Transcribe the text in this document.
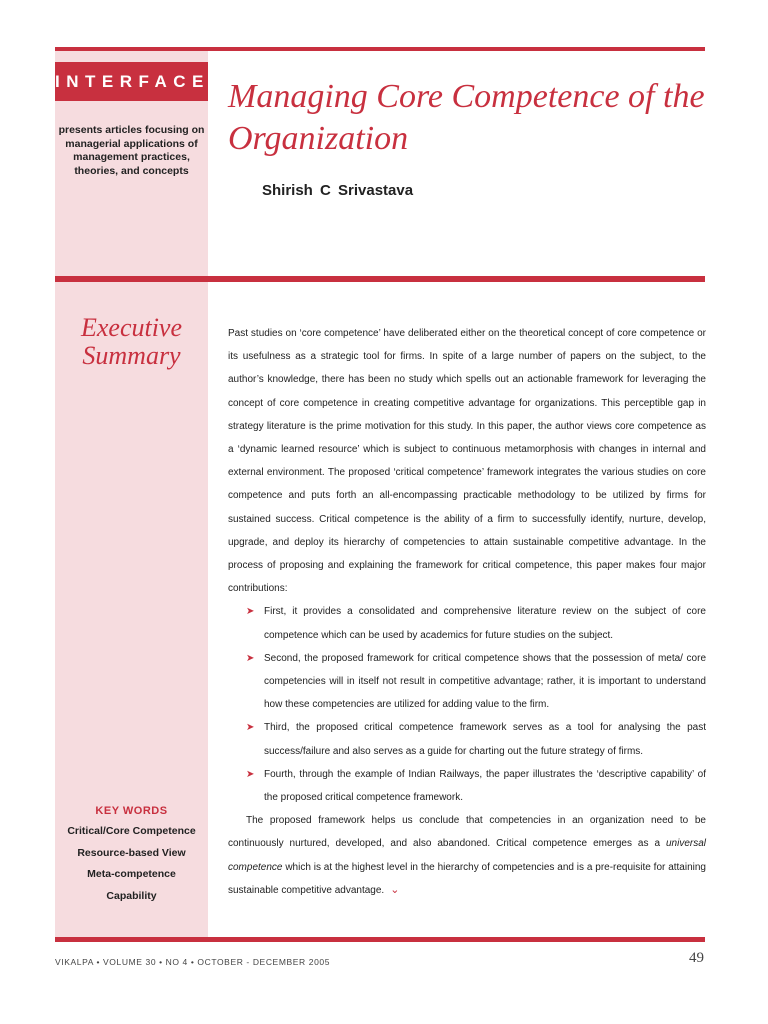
INTERFACES
presents articles focusing on managerial applications of management practices, theories, and concepts
Managing Core Competence of the Organization
Shirish C Srivastava
Executive
Summary
KEY WORDS
Critical/Core Competence
Resource-based View
Meta-competence
Capability

Past studies on ‘core competence’ have deliberated either on the theoretical concept of core competence or its usefulness as a strategic tool for firms. In spite of a large number of papers on the subject, to the author’s knowledge, there has been no study which spells out an actionable framework for leveraging the concept of core competence in creating competitive advantage for organizations. This perceptible gap in strategy literature is the prime motivation for this study. In this paper, the author views core competence as a ‘dynamic learned resource’ which is subject to continuous metamorphosis with changes in internal and external environment. The proposed ‘critical competence’ framework integrates the various studies on core competence and puts forth an all-encompassing practicable methodology to be utilized by firms for sustained success. Critical competence is the ability of a firm to successfully identify, nurture, develop, upgrade, and deploy its hierarchy of competencies to attain sustainable competitive advantage. In the process of proposing and explaining the framework for critical competence, this paper makes four major contributions:

➤ First, it provides a consolidated and comprehensive literature review on the subject of core competence which can be used by academics for future studies on the subject.
➤ Second, the proposed framework for critical competence shows that the possession of meta/ core competencies will in itself not result in competitive advantage; rather, it is important to understand how these competencies are utilized for adding value to the firm.
➤ Third, the proposed critical competence framework serves as a tool for analysing the past success/failure and also serves as a guide for charting out the future strategy of firms.
➤ Fourth, through the example of Indian Railways, the paper illustrates the ‘descriptive capability’ of the proposed critical competence framework.

The proposed framework helps us conclude that competencies in an organization need to be continuously nurtured, developed, and also abandoned. Critical competence emerges as a universal competence which is at the highest level in the hierarchy of competencies and is a pre-requisite for attaining sustainable competitive advantage. ⌄

VIKALPA • VOLUME 30 • NO 4 • OCTOBER - DECEMBER 2005	49
